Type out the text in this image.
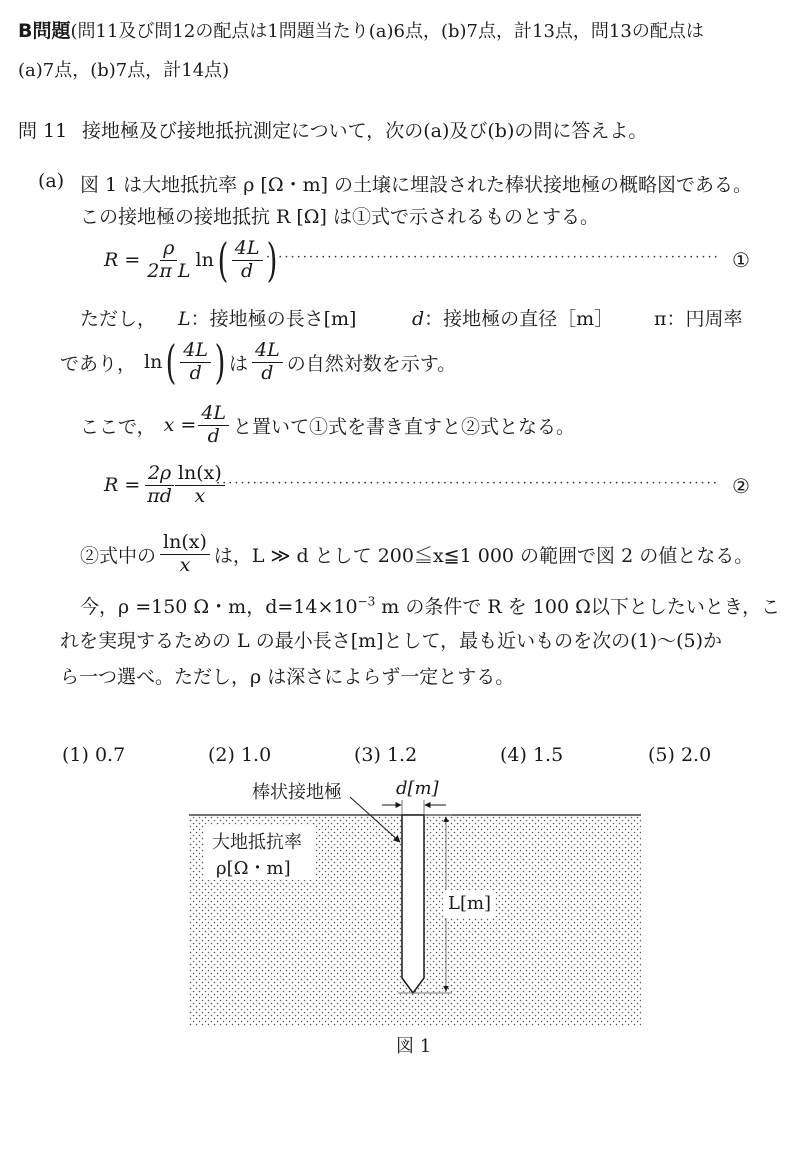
B問題(問11及び問12の配点は1問題当たり(a)6点，(b)7点，計13点，問13の配点は
(a)7点，(b)7点，計14点)
問 11 接地極及び接地抵抗測定について，次の(a)及び(b)の問に答えよ。
(a) 図 1 は大地抵抗率 ρ [Ω・m] の土壌に埋設された棒状接地極の概略図である。
この接地極の接地抵抗 R [Ω] は①式で示されるものとする。
$R = \frac{\rho}{\text{2π L}}$ ln ( $\frac{4L}{d}$ )
·········································································· ①
ただし， L：接地極の長さ[m]	d：接地極の直径［m］ π：円周率
であり， ln ( $\frac{4L}{d}$ ) は $\frac{4L}{d}$ の自然対数を示す。
ここで， $x = \frac{4L}{d}$ と置いて①式を書き直すと②式となる。
$R = \frac{2\rho}{\pi d} \frac{\ln(x)}{x}$
·················································································· ②
②式中の $\frac{\ln(x)}{x}$ は，L ≫ d として 200≦x≦1 000 の範囲で図 2 の値となる。
今，ρ =150 Ω・m，$d=14\times 10^{-3}$ m の条件で R を 100 Ω以下としたいとき，こ
れを実現するための L の最小長さ[m]として，最も近いものを次の(1)～(5)か
ら一つ選べ。ただし，ρ は深さによらず一定とする。
(1) 0.7	(2) 1.0	(3) 1.2	(4) 1.5	(5) 2.0
棒状接地極	d[m]
大地抵抗率
ρ[Ω・m]
L[m]
図 1
